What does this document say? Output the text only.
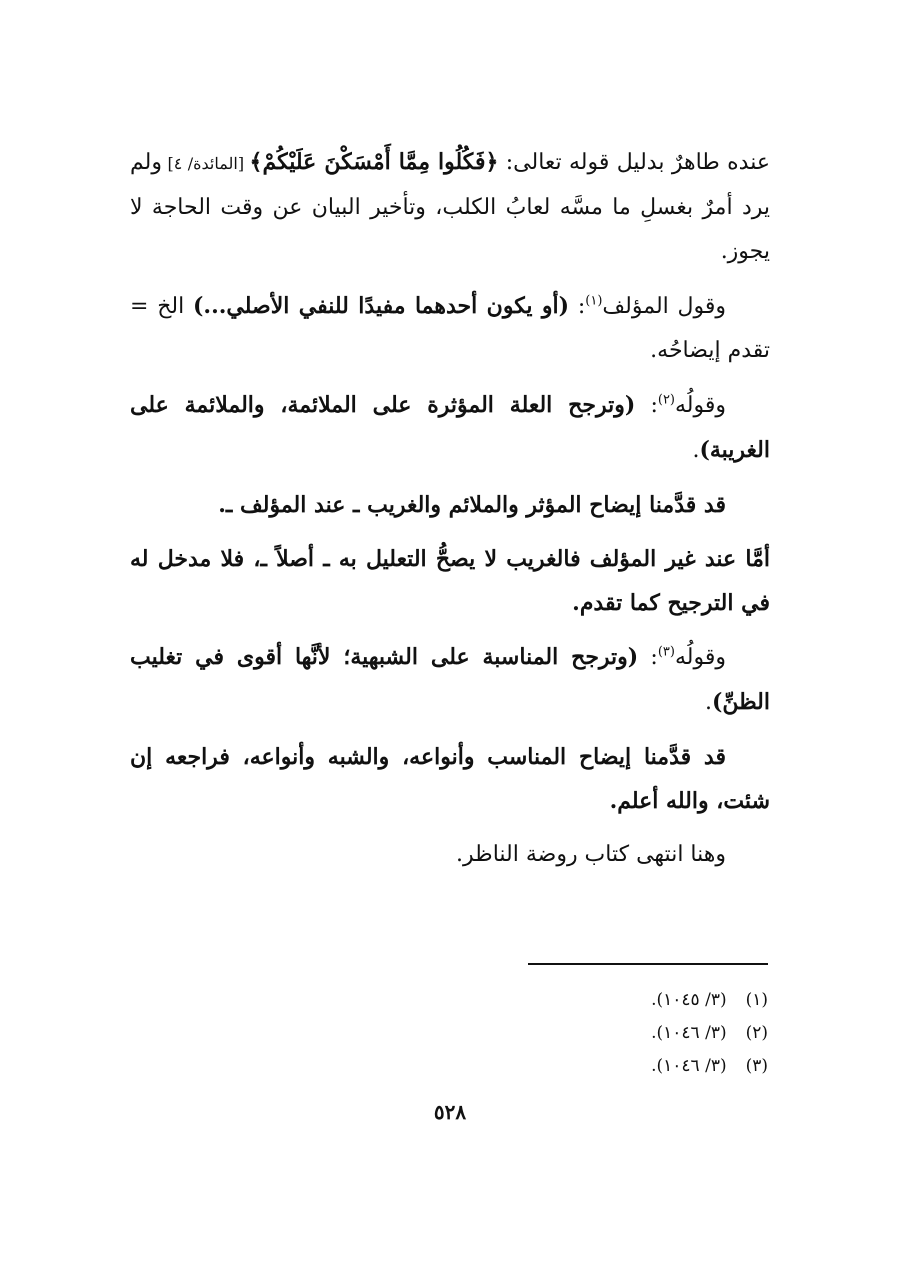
عنده طاهرٌ بدليل قوله تعالى: ﴿فَكُلُوا مِمَّا أَمْسَكْنَ عَلَيْكُمْ﴾ [المائدة/ ٤] ولم يرد أمرٌ بغسلِ ما مسَّه لعابُ الكلب، وتأخير البيان عن وقت الحاجة لا يجوز.

وقول المؤلف$^{(١)}$: (أو يكون أحدهما مفيدًا للنفي الأصلي...) الخ = تقدم إيضاحُه.

وقولُه$^{(٢)}$: (وترجح العلة المؤثرة على الملائمة، والملائمة على الغريبة).

قد قدَّمنا إيضاح المؤثر والملائم والغريب ـ عند المؤلف ـ.

أمَّا عند غير المؤلف فالغريب لا يصحُّ التعليل به ـ أصلاً ـ، فلا مدخل له في الترجيح كما تقدم.

وقولُه$^{(٣)}$: (وترجح المناسبة على الشبهية؛ لأنَّها أقوى في تغليب الظنِّ).

قد قدَّمنا إيضاح المناسب وأنواعه، والشبه وأنواعه، فراجعه إن شئت، والله أعلم.

وهنا انتهى كتاب روضة الناظر.

(١) (٣/ ١٠٤٥).
(٢) (٣/ ١٠٤٦).
(٣) (٣/ ١٠٤٦).
٥٢٨
